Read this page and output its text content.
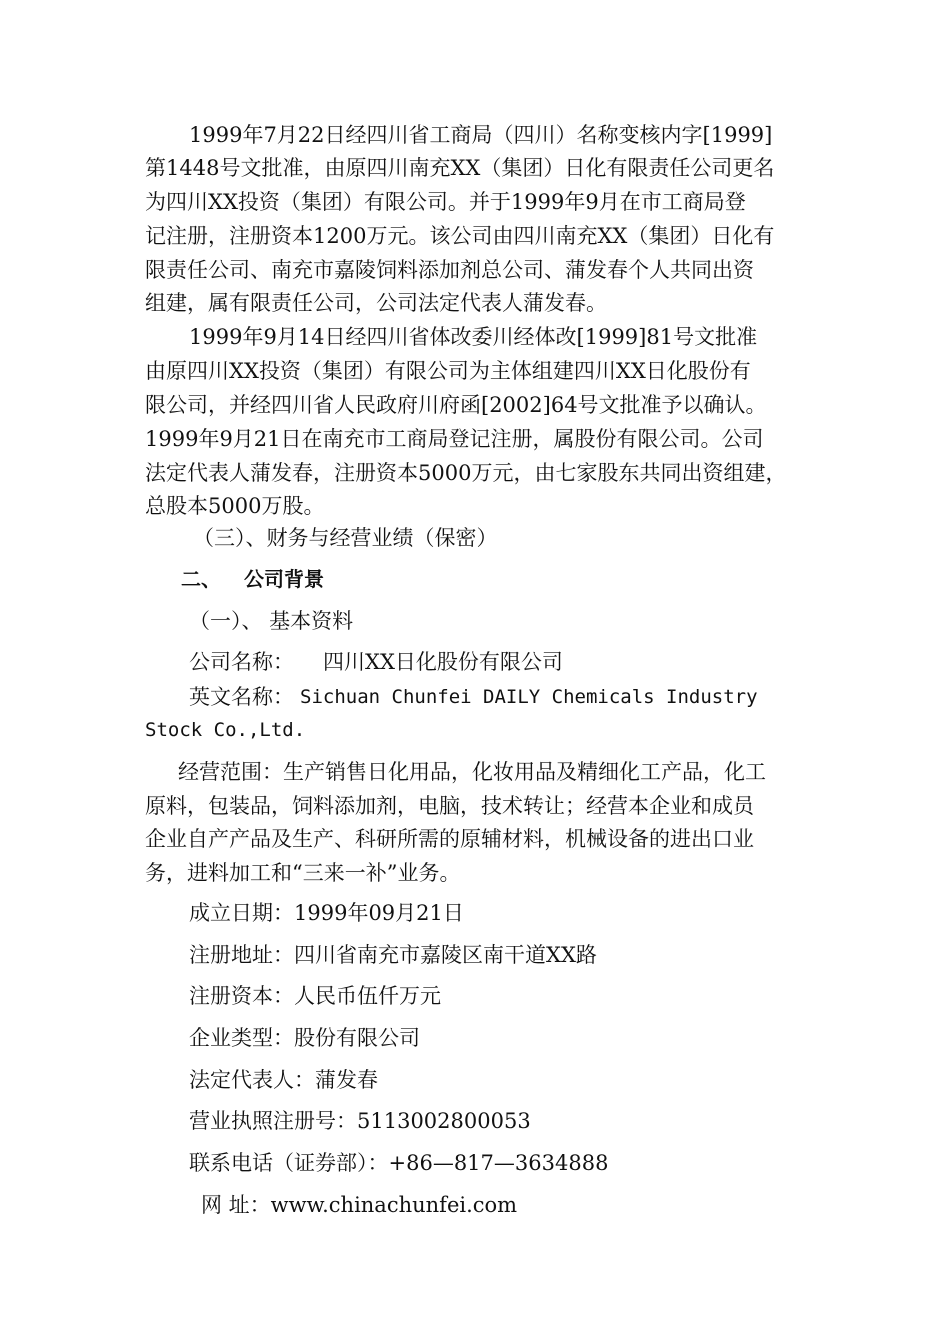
1999年7月22日经四川省工商局（四川）名称变核内字[1999]
第1448号文批准，由原四川南充XX（集团）日化有限责任公司更名
为四川XX投资（集团）有限公司。并于1999年9月在市工商局登
记注册，注册资本1200万元。该公司由四川南充XX（集团）日化有
限责任公司、南充市嘉陵饲料添加剂总公司、蒲发春个人共同出资
组建，属有限责任公司，公司法定代表人蒲发春。
1999年9月14日经四川省体改委川经体改[1999]81号文批准
由原四川XX投资（集团）有限公司为主体组建四川XX日化股份有
限公司，并经四川省人民政府川府函[2002]64号文批准予以确认。
1999年9月21日在南充市工商局登记注册，属股份有限公司。公司
法定代表人蒲发春，注册资本5000万元，由七家股东共同出资组建，
总股本5000万股。
（三）、财务与经营业绩（保密）
二、 公司背景
（一）、 基本资料
公司名称： 四川XX日化股份有限公司
英文名称： Sichuan Chunfei DAILY Chemicals Industry
Stock Co.,Ltd.
经营范围：生产销售日化用品，化妆用品及精细化工产品，化工
原料，包装品，饲料添加剂，电脑，技术转让；经营本企业和成员
企业自产产品及生产、科研所需的原辅材料，机械设备的进出口业
务，进料加工和“三来一补”业务。
成立日期：1999年09月21日
注册地址：四川省南充市嘉陵区南干道XX路
注册资本：人民币伍仟万元
企业类型：股份有限公司
法定代表人：蒲发春
营业执照注册号：5113002800053
联系电话（证券部）：+86—817—3634888
网 址：www.chinachunfei.com
